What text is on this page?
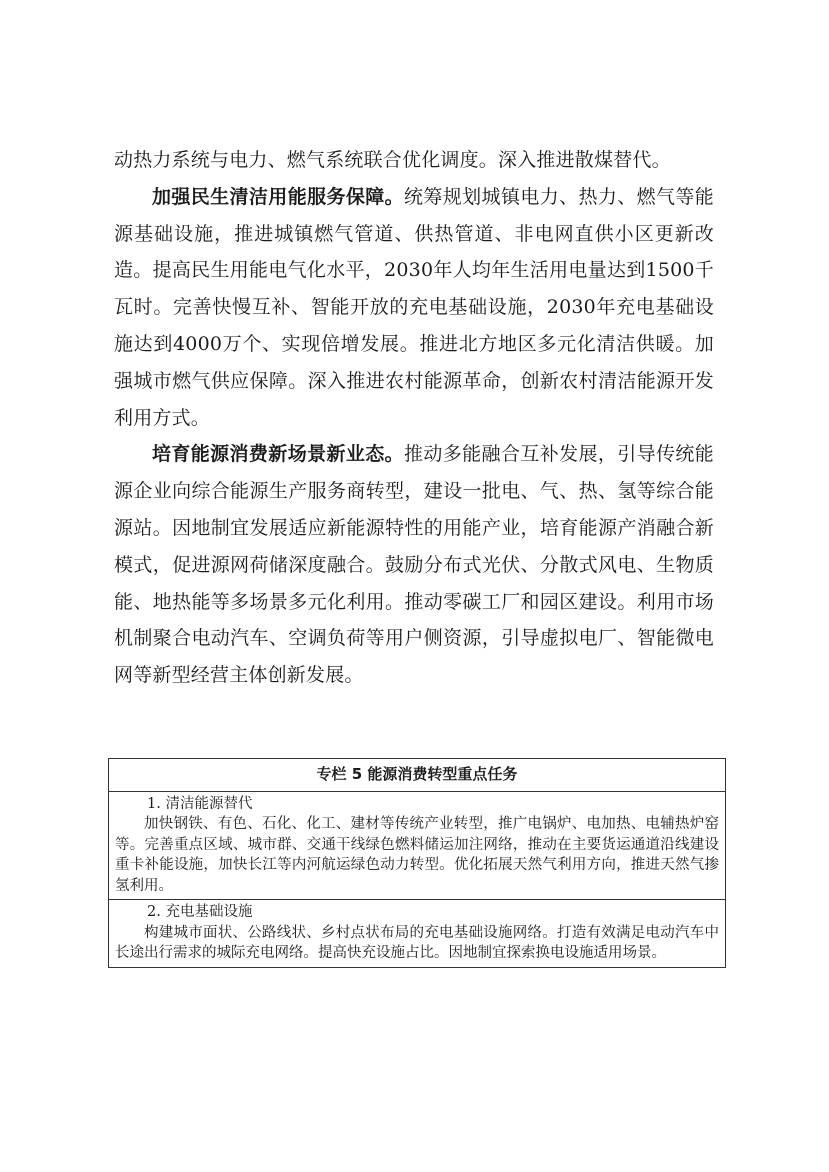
动热力系统与电力、燃气系统联合优化调度。深入推进散煤替代。

加强民生清洁用能服务保障。统筹规划城镇电力、热力、燃气等能源基础设施，推进城镇燃气管道、供热管道、非电网直供小区更新改造。提高民生用能电气化水平，2030年人均年生活用电量达到1500千瓦时。完善快慢互补、智能开放的充电基础设施，2030年充电基础设施达到4000万个、实现倍增发展。推进北方地区多元化清洁供暖。加强城市燃气供应保障。深入推进农村能源革命，创新农村清洁能源开发利用方式。

培育能源消费新场景新业态。推动多能融合互补发展，引导传统能源企业向综合能源生产服务商转型，建设一批电、气、热、氢等综合能源站。因地制宜发展适应新能源特性的用能产业，培育能源产消融合新模式，促进源网荷储深度融合。鼓励分布式光伏、分散式风电、生物质能、地热能等多场景多元化利用。推动零碳工厂和园区建设。利用市场机制聚合电动汽车、空调负荷等用户侧资源，引导虚拟电厂、智能微电网等新型经营主体创新发展。

专栏 5 能源消费转型重点任务
1. 清洁能源替代

加快钢铁、有色、石化、化工、建材等传统产业转型，推广电锅炉、电加热、电辅热炉窑等。完善重点区域、城市群、交通干线绿色燃料储运加注网络，推动在主要货运通道沿线建设重卡补能设施，加快长江等内河航运绿色动力转型。优化拓展天然气利用方向，推进天然气掺氢利用。

2. 充电基础设施

构建城市面状、公路线状、乡村点状布局的充电基础设施网络。打造有效满足电动汽车中长途出行需求的城际充电网络。提高快充设施占比。因地制宜探索换电设施适用场景。
